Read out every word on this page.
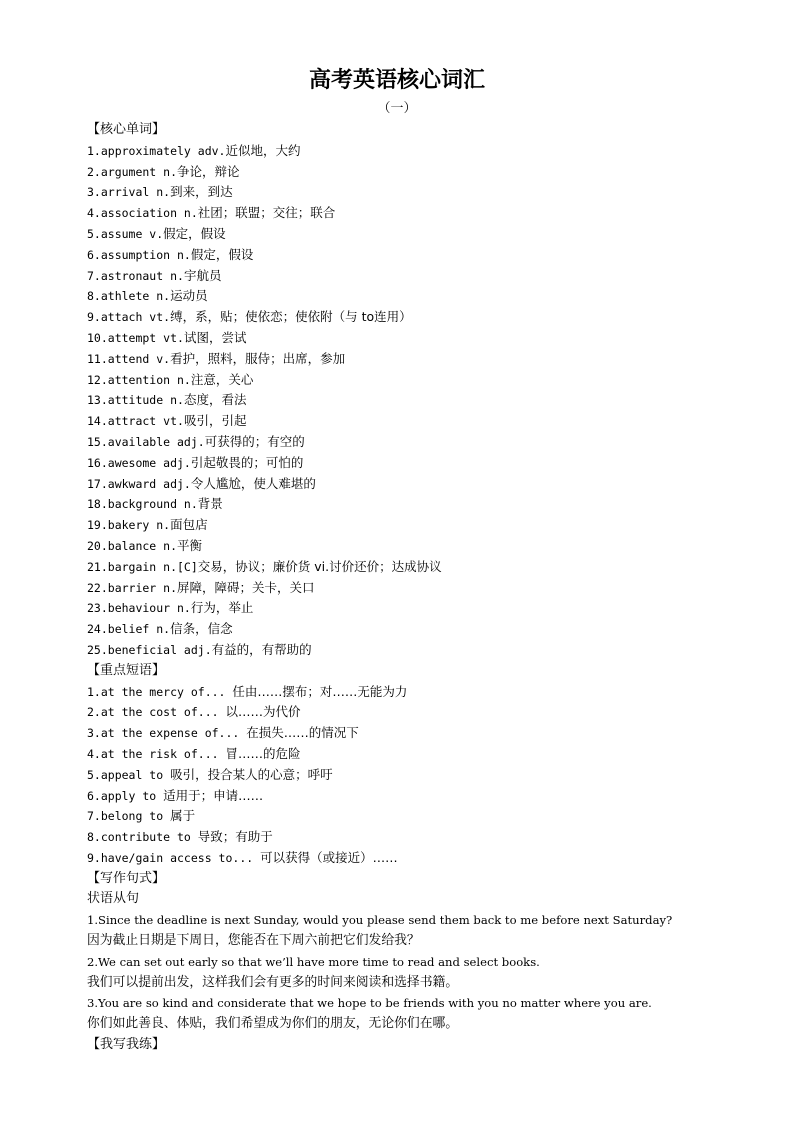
高考英语核心词汇
（一）
【核心单词】
1.approximately adv.近似地，大约
2.argument n.争论，辩论
3.arrival n.到来，到达
4.association n.社团；联盟；交往；联合
5.assume v.假定，假设
6.assumption n.假定，假设
7.astronaut n.宇航员
8.athlete n.运动员
9.attach vt.缚，系，贴；使依恋；使依附（与 to连用）
10.attempt vt.试图，尝试
11.attend v.看护，照料，服侍；出席，参加
12.attention n.注意，关心
13.attitude n.态度，看法
14.attract vt.吸引，引起
15.available adj.可获得的；有空的
16.awesome adj.引起敬畏的；可怕的
17.awkward adj.令人尴尬，使人难堪的
18.background n.背景
19.bakery n.面包店
20.balance n.平衡
21.bargain n.[C]交易，协议；廉价货 vi.讨价还价；达成协议
22.barrier n.屏障，障碍；关卡，关口
23.behaviour n.行为，举止
24.belief n.信条，信念
25.beneficial adj.有益的，有帮助的
【重点短语】
1.at the mercy of... 任由……摆布；对……无能为力
2.at the cost of... 以……为代价
3.at the expense of... 在损失……的情况下
4.at the risk of... 冒……的危险
5.appeal to 吸引，投合某人的心意；呼吁
6.apply to 适用于；申请……
7.belong to 属于
8.contribute to 导致；有助于
9.have/gain access to... 可以获得（或接近）……
【写作句式】
状语从句
1.Since the deadline is next Sunday, would you please send them back to me before next Saturday?
因为截止日期是下周日，您能否在下周六前把它们发给我？
2.We can set out early so that we’ll have more time to read and select books.
我们可以提前出发，这样我们会有更多的时间来阅读和选择书籍。
3.You are so kind and considerate that we hope to be friends with you no matter where you are.
你们如此善良、体贴，我们希望成为你们的朋友，无论你们在哪。
【我写我练】
